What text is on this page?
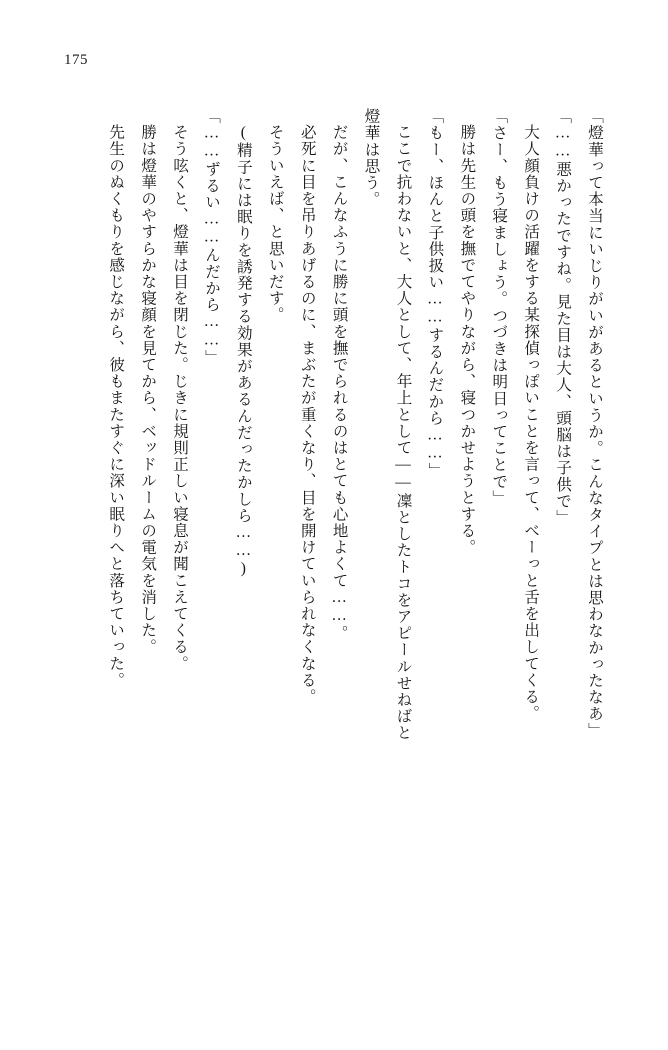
175

「燈華って本当にいじりがいがあるというか。こんなタイプとは思わなかったなあ」

「……悪かったですね。見た目は大人、頭脳は子供で」

大人顔負けの活躍をする某探偵っぽいことを言って、べーっと舌を出してくる。

「さー、もう寝ましょう。つづきは明日ってことで」

勝は先生の頭を撫でてやりながら、寝つかせようとする。

「もー、ほんと子供扱い……するんだから……」

ここで抗わないと、大人として、年上として――凜としたトコをアピールせねばと

燈華は思う。

だが、こんなふうに勝に頭を撫でられるのはとても心地よくて……。

必死に目を吊りあげるのに、まぶたが重くなり、目を開けていられなくなる。

そういえば、と思いだす。

(精子には眠りを誘発する効果があるんだったかしら……)

「……ずるい……んだから……」

そう呟くと、燈華は目を閉じた。じきに規則正しい寝息が聞こえてくる。

勝は燈華のやすらかな寝顔を見てから、ベッドルームの電気を消した。

先生のぬくもりを感じながら、彼もまたすぐに深い眠りへと落ちていった。
